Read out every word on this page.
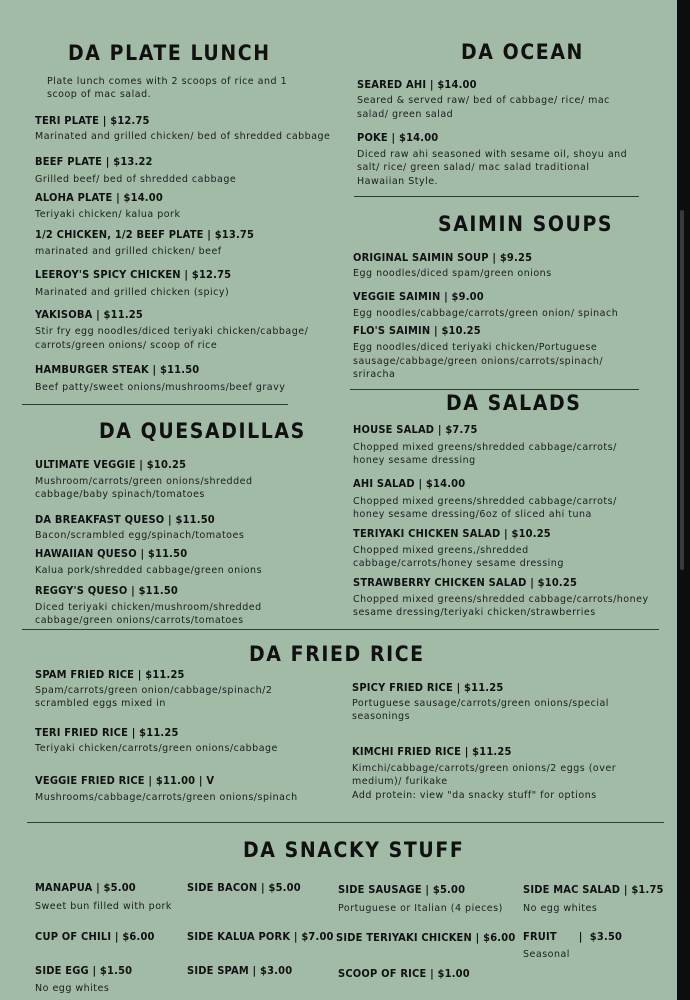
DA PLATE LUNCH
Plate lunch comes with 2 scoops of rice and 1
scoop of mac salad.
TERI PLATE | $12.75
Marinated and grilled chicken/ bed of shredded cabbage
BEEF PLATE | $13.22
Grilled beef/ bed of shredded cabbage
ALOHA PLATE | $14.00
Teriyaki chicken/ kalua pork
1/2 CHICKEN, 1/2 BEEF PLATE | $13.75
marinated and grilled chicken/ beef
LEEROY'S SPICY CHICKEN | $12.75
Marinated and grilled chicken (spicy)
YAKISOBA | $11.25
Stir fry egg noodles/diced teriyaki chicken/cabbage/
carrots/green onions/ scoop of rice
HAMBURGER STEAK | $11.50
Beef patty/sweet onions/mushrooms/beef gravy
DA OCEAN
SEARED AHI | $14.00
Seared & served raw/ bed of cabbage/ rice/ mac
salad/ green salad
POKE | $14.00
Diced raw ahi seasoned with sesame oil, shoyu and
salt/ rice/ green salad/ mac salad traditional
Hawaiian Style.
SAIMIN SOUPS
ORIGINAL SAIMIN SOUP | $9.25
Egg noodles/diced spam/green onions
VEGGIE SAIMIN | $9.00
Egg noodles/cabbage/carrots/green onion/ spinach
FLO'S SAIMIN | $10.25
Egg noodles/diced teriyaki chicken/Portuguese
sausage/cabbage/green onions/carrots/spinach/
sriracha
DA SALADS
HOUSE SALAD | $7.75
Chopped mixed greens/shredded cabbage/carrots/
honey sesame dressing
AHI SALAD | $14.00
Chopped mixed greens/shredded cabbage/carrots/
honey sesame dressing/6oz of sliced ahi tuna
TERIYAKI CHICKEN SALAD | $10.25
Chopped mixed greens,/shredded
cabbage/carrots/honey sesame dressing
STRAWBERRY CHICKEN SALAD | $10.25
Chopped mixed greens/shredded cabbage/carrots/honey
sesame dressing/teriyaki chicken/strawberries
DA QUESADILLAS
ULTIMATE VEGGIE | $10.25
Mushroom/carrots/green onions/shredded
cabbage/baby spinach/tomatoes
DA BREAKFAST QUESO | $11.50
Bacon/scrambled egg/spinach/tomatoes
HAWAIIAN QUESO | $11.50
Kalua pork/shredded cabbage/green onions
REGGY'S QUESO | $11.50
Diced teriyaki chicken/mushroom/shredded
cabbage/green onions/carrots/tomatoes
DA FRIED RICE
SPAM FRIED RICE | $11.25
Spam/carrots/green onion/cabbage/spinach/2
scrambled eggs mixed in
TERI FRIED RICE | $11.25
Teriyaki chicken/carrots/green onions/cabbage
VEGGIE FRIED RICE | $11.00 | V
Mushrooms/cabbage/carrots/green onions/spinach
SPICY FRIED RICE | $11.25
Portuguese sausage/carrots/green onions/special
seasonings
KIMCHI FRIED RICE | $11.25
Kimchi/cabbage/carrots/green onions/2 eggs (over
medium)/ furikake
Add protein: view "da snacky stuff" for options
DA SNACKY STUFF
MANAPUA | $5.00
Sweet bun filled with pork
CUP OF CHILI | $6.00
SIDE EGG | $1.50
No egg whites
SIDE BACON | $5.00
SIDE KALUA PORK | $7.00
SIDE SPAM | $3.00
SIDE SAUSAGE | $5.00
Portuguese or Italian (4 pieces)
SIDE TERIYAKI CHICKEN | $6.00
SCOOP OF RICE | $1.00
SIDE MAC SALAD | $1.75
No egg whites
FRUIT      |  $3.50
Seasonal
